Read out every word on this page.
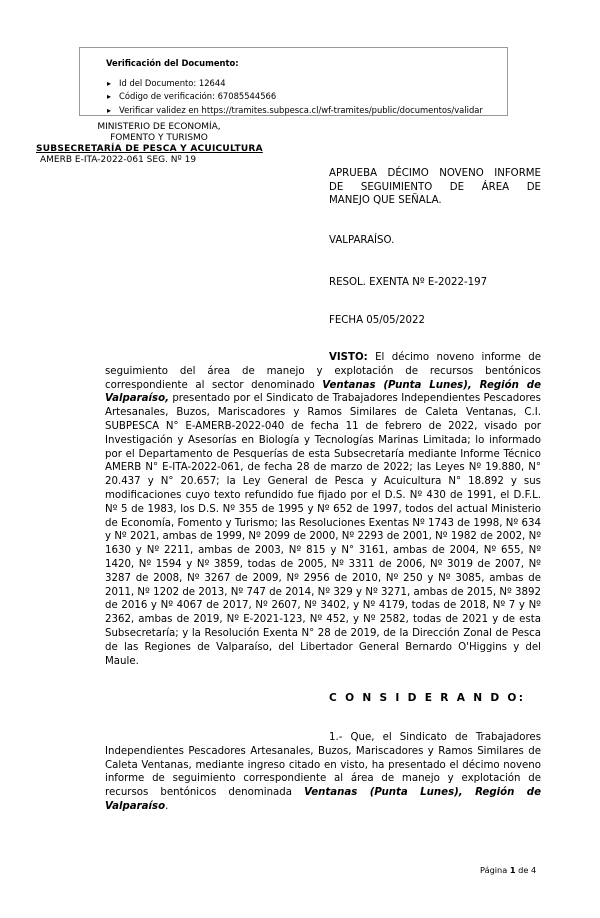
Verificación del Documento:
▸ Id del Documento: 12644
▸ Código de verificación: 67085544566
▸ Verificar validez en https://tramites.subpesca.cl/wf-tramites/public/documentos/validar
MINISTERIO DE ECONOMÍA,
FOMENTO Y TURISMO
SUBSECRETARÍA DE PESCA Y ACUICULTURA
AMERB E-ITA-2022-061 SEG. Nº 19
APRUEBA DÉCIMO NOVENO INFORME
DE SEGUIMIENTO DE ÁREA DE
MANEJO QUE SEÑALA.
VALPARAÍSO.
RESOL. EXENTA Nº E-2022-197
FECHA 05/05/2022
VISTO: El décimo noveno informe de seguimiento del área de manejo y explotación de recursos bentónicos correspondiente al sector denominado Ventanas (Punta Lunes), Región de Valparaíso, presentado por el Sindicato de Trabajadores Independientes Pescadores Artesanales, Buzos, Mariscadores y Ramos Similares de Caleta Ventanas, C.I. SUBPESCA N° E-AMERB-2022-040 de fecha 11 de febrero de 2022, visado por Investigación y Asesorías en Biología y Tecnologías Marinas Limitada; lo informado por el Departamento de Pesquerías de esta Subsecretaría mediante Informe Técnico AMERB N° E-ITA-2022-061, de fecha 28 de marzo de 2022; las Leyes Nº 19.880, N° 20.437 y N° 20.657; la Ley General de Pesca y Acuicultura N° 18.892 y sus modificaciones cuyo texto refundido fue fijado por el D.S. Nº 430 de 1991, el D.F.L. Nº 5 de 1983, los D.S. Nº 355 de 1995 y Nº 652 de 1997, todos del actual Ministerio de Economía, Fomento y Turismo; las Resoluciones Exentas Nº 1743 de 1998, Nº 634 y Nº 2021, ambas de 1999, Nº 2099 de 2000, Nº 2293 de 2001, Nº 1982 de 2002, Nº 1630 y Nº 2211, ambas de 2003, Nº 815 y N° 3161, ambas de 2004, Nº 655, Nº 1420, Nº 1594 y Nº 3859, todas de 2005, Nº 3311 de 2006, Nº 3019 de 2007, Nº 3287 de 2008, Nº 3267 de 2009, Nº 2956 de 2010, Nº 250 y Nº 3085, ambas de 2011, Nº 1202 de 2013, Nº 747 de 2014, Nº 329 y Nº 3271, ambas de 2015, Nº 3892 de 2016 y Nº 4067 de 2017, Nº 2607, Nº 3402, y Nº 4179, todas de 2018, Nº 7 y Nº 2362, ambas de 2019, Nº E-2021-123, Nº 452, y Nº 2582, todas de 2021 y de esta Subsecretaría; y la Resolución Exenta N° 28 de 2019, de la Dirección Zonal de Pesca de las Regiones de Valparaíso, del Libertador General Bernardo O'Higgins y del Maule.
C O N S I D E R A N D O:
1.- Que, el Sindicato de Trabajadores Independientes Pescadores Artesanales, Buzos, Mariscadores y Ramos Similares de Caleta Ventanas, mediante ingreso citado en visto, ha presentado el décimo noveno informe de seguimiento correspondiente al área de manejo y explotación de recursos bentónicos denominada Ventanas (Punta Lunes), Región de Valparaíso.
Página 1 de 4
